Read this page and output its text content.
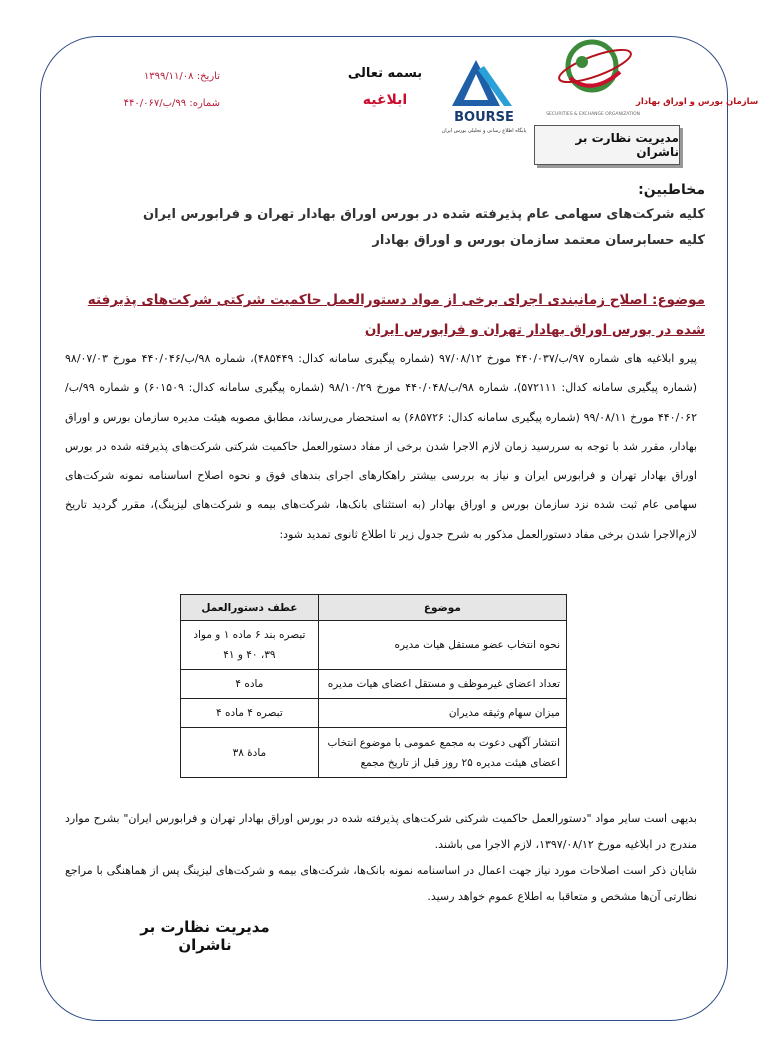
سازمان بورس و اوراق بهادار
SECURITIES & EXCHANGE ORGANIZATION
BOURSE
پایگاه اطلاع رسانی و تحلیلی بورس ایران
بسمه تعالی
ابلاغیه
تاریخ: ۱۳۹۹/۱۱/۰۸
شماره: ۹۹/ب/۴۴۰/۰۶۷
مدیریت نظارت بر ناشران
مخاطبین:
کلیه شرکت‌های سهامی عام پذیرفته شده در بورس اوراق بهادار تهران و فرابورس ایران
کلیه حسابرسان معتمد سازمان بورس و اوراق بهادار
موضوع: اصلاح زمانبندی اجرای برخی از مواد دستورالعمل حاکمیت شرکتی شرکت‌های پذیرفته شده در بورس اوراق بهادار تهران و فرابورس ایران
پیرو ابلاغیه های شماره ۹۷/ب/۴۴۰/۰۳۷ مورخ ۹۷/۰۸/۱۲ (شماره پیگیری سامانه کدال: ۴۸۵۴۴۹)، شماره ۹۸/ب/۴۴۰/۰۴۶ مورخ ۹۸/۰۷/۰۳ (شماره پیگیری سامانه کدال: ۵۷۲۱۱۱)، شماره ۹۸/ب/۴۴۰/۰۴۸ مورخ ۹۸/۱۰/۲۹ (شماره پیگیری سامانه کدال: ۶۰۱۵۰۹) و شماره ۹۹/ب/۴۴۰/۰۶۲ مورخ ۹۹/۰۸/۱۱ (شماره پیگیری سامانه کدال: ۶۸۵۷۲۶) به استحضار می‌رساند، مطابق مصوبه هیئت مدیره سازمان بورس و اوراق بهادار، مقرر شد با توجه به سررسید زمان لازم الاجرا شدن برخی از مفاد دستورالعمل حاکمیت شرکتی شرکت‌های پذیرفته شده در بورس اوراق بهادار تهران و فرابورس ایران و نیاز به بررسی بیشتر راهکارهای اجرای بندهای فوق و نحوه اصلاح اساسنامه نمونه شرکت‌های سهامی عام ثبت شده نزد سازمان بورس و اوراق بهادار (به استثنای بانک‌ها، شرکت‌های بیمه و شرکت‌های لیزینگ)، مقرر گردید تاریخ لازم‌الاجرا شدن برخی مفاد دستورالعمل مذکور به شرح جدول زیر تا اطلاع ثانوی تمدید شود:
موضوع	عطف دستورالعمل
نحوه انتخاب عضو مستقل هیات مدیره	تبصره بند ۶ ماده ۱ و مواد ۳۹، ۴۰ و ۴۱
تعداد اعضای غیرموظف و مستقل اعضای هیات مدیره	ماده ۴
میزان سهام وثیقه مدیران	تبصره ۴ ماده ۴
انتشار آگهی دعوت به مجمع عمومی با موضوع انتخاب اعضای هیئت مدیره ۲۵ روز قبل از تاریخ مجمع	مادهٔ ۳۸

بدیهی است سایر مواد "دستورالعمل حاکمیت شرکتی شرکت‌های پذیرفته شده در بورس اوراق بهادار تهران و فرابورس ایران" بشرح موارد مندرج در ابلاغیه مورخ ۱۳۹۷/۰۸/۱۲، لازم الاجرا می باشند.

شایان ذکر است اصلاحات مورد نیاز جهت اعمال در اساسنامه نمونه بانک‌ها، شرکت‌های بیمه و شرکت‌های لیزینگ پس از هماهنگی با مراجع نظارتی آن‌ها مشخص و متعاقبا به اطلاع عموم خواهد رسید.

مدیریت نظارت بر ناشران
